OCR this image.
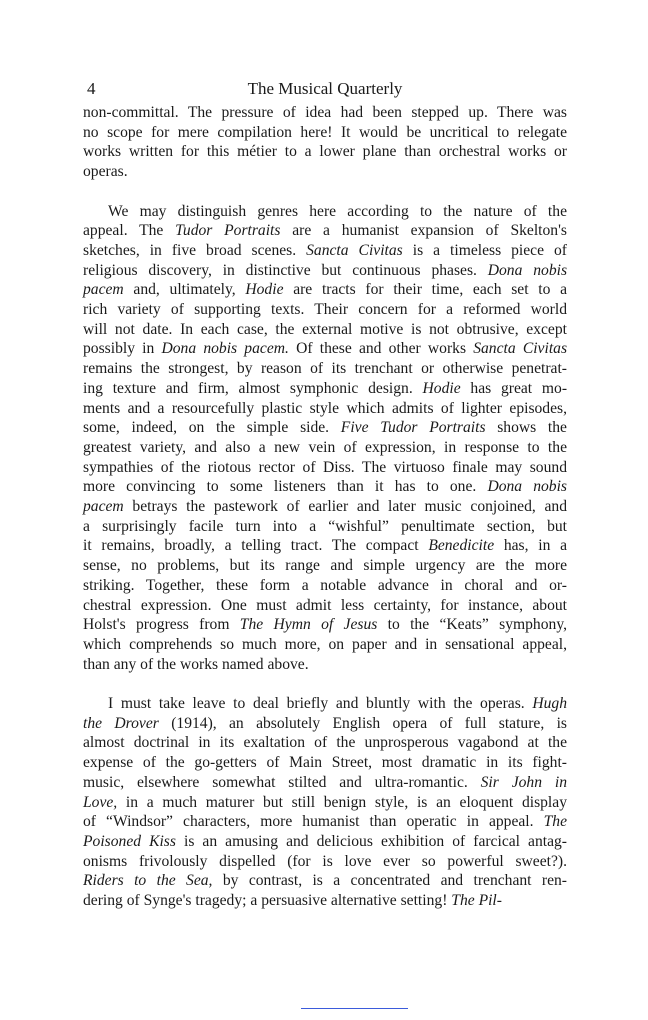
4	The Musical Quarterly
non-committal. The pressure of idea had been stepped up. There was
no scope for mere compilation here! It would be uncritical to relegate
works written for this métier to a lower plane than orchestral works or
operas.
We may distinguish genres here according to the nature of the
appeal. The Tudor Portraits are a humanist expansion of Skelton's
sketches, in five broad scenes. Sancta Civitas is a timeless piece of
religious discovery, in distinctive but continuous phases. Dona nobis
pacem and, ultimately, Hodie are tracts for their time, each set to a
rich variety of supporting texts. Their concern for a reformed world
will not date. In each case, the external motive is not obtrusive, except
possibly in Dona nobis pacem. Of these and other works Sancta Civitas
remains the strongest, by reason of its trenchant or otherwise penetrat-
ing texture and firm, almost symphonic design. Hodie has great mo-
ments and a resourcefully plastic style which admits of lighter episodes,
some, indeed, on the simple side. Five Tudor Portraits shows the
greatest variety, and also a new vein of expression, in response to the
sympathies of the riotous rector of Diss. The virtuoso finale may sound
more convincing to some listeners than it has to one. Dona nobis
pacem betrays the pastework of earlier and later music conjoined, and
a surprisingly facile turn into a “wishful” penultimate section, but
it remains, broadly, a telling tract. The compact Benedicite has, in a
sense, no problems, but its range and simple urgency are the more
striking. Together, these form a notable advance in choral and or-
chestral expression. One must admit less certainty, for instance, about
Holst's progress from The Hymn of Jesus to the “Keats” symphony,
which comprehends so much more, on paper and in sensational appeal,
than any of the works named above.
I must take leave to deal briefly and bluntly with the operas. Hugh
the Drover (1914), an absolutely English opera of full stature, is
almost doctrinal in its exaltation of the unprosperous vagabond at the
expense of the go-getters of Main Street, most dramatic in its fight-
music, elsewhere somewhat stilted and ultra-romantic. Sir John in
Love, in a much maturer but still benign style, is an eloquent display
of “Windsor” characters, more humanist than operatic in appeal. The
Poisoned Kiss is an amusing and delicious exhibition of farcical antag-
onisms frivolously dispelled (for is love ever so powerful sweet?).
Riders to the Sea, by contrast, is a concentrated and trenchant ren-
dering of Synge's tragedy; a persuasive alternative setting! The Pil-
